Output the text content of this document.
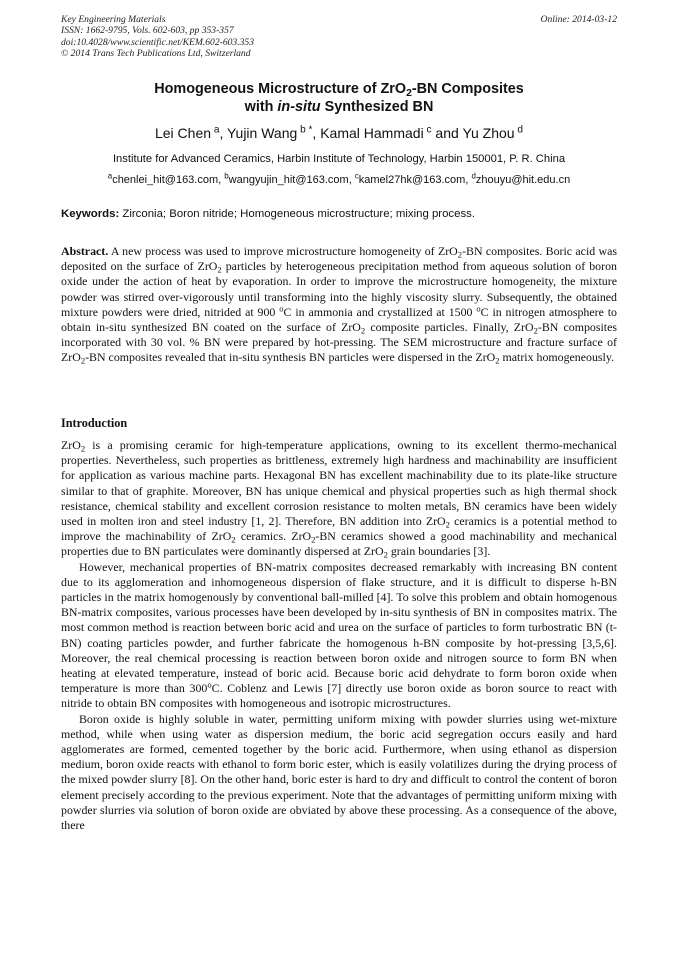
Key Engineering Materials
ISSN: 1662-9795, Vols. 602-603, pp 353-357
doi:10.4028/www.scientific.net/KEM.602-603.353
© 2014 Trans Tech Publications Ltd, Switzerland
Online: 2014-03-12
Homogeneous Microstructure of ZrO$_2$-BN Composites
with in-situ Synthesized BN
Lei Chen $^a$, Yujin Wang $^{b *}$, Kamal Hammadi $^c$ and Yu Zhou $^d$
Institute for Advanced Ceramics, Harbin Institute of Technology, Harbin 150001, P. R. China
$^a$chenlei_hit@163.com, $^b$wangyujin_hit@163.com, $^c$kamel27hk@163.com, $^d$zhouyu@hit.edu.cn
Keywords: Zirconia; Boron nitride; Homogeneous microstructure; mixing process.

Abstract. A new process was used to improve microstructure homogeneity of ZrO$_2$-BN composites. Boric acid was deposited on the surface of ZrO$_2$ particles by heterogeneous precipitation method from aqueous solution of boron oxide under the action of heat by evaporation. In order to improve the microstructure homogeneity, the mixture powder was stirred over-vigorously until transforming into the highly viscosity slurry. Subsequently, the obtained mixture powders were dried, nitrided at 900 $^o$C in ammonia and crystallized at 1500 $^o$C in nitrogen atmosphere to obtain in-situ synthesized BN coated on the surface of ZrO$_2$ composite particles. Finally, ZrO$_2$-BN composites incorporated with 30 vol. % BN were prepared by hot-pressing. The SEM microstructure and fracture surface of ZrO$_2$-BN composites revealed that in-situ synthesis BN particles were dispersed in the ZrO$_2$ matrix homogeneously.

Introduction

ZrO$_2$ is a promising ceramic for high-temperature applications, owning to its excellent thermo-mechanical properties. Nevertheless, such properties as brittleness, extremely high hardness and machinability are insufficient for application as various machine parts. Hexagonal BN has excellent machinability due to its plate-like structure similar to that of graphite. Moreover, BN has unique chemical and physical properties such as high thermal shock resistance, chemical stability and excellent corrosion resistance to molten metals, BN ceramics have been widely used in molten iron and steel industry [1, 2]. Therefore, BN addition into ZrO$_2$ ceramics is a potential method to improve the machinability of ZrO$_2$ ceramics. ZrO$_2$-BN ceramics showed a good machinability and mechanical properties due to BN particulates were dominantly dispersed at ZrO$_2$ grain boundaries [3].

However, mechanical properties of BN-matrix composites decreased remarkably with increasing BN content due to its agglomeration and inhomogeneous dispersion of flake structure, and it is difficult to disperse h-BN particles in the matrix homogenously by conventional ball-milled [4]. To solve this problem and obtain homogenous BN-matrix composites, various processes have been developed by in-situ synthesis of BN in composites matrix. The most common method is reaction between boric acid and urea on the surface of particles to form turbostratic BN (t-BN) coating particles powder, and further fabricate the homogenous h-BN composite by hot-pressing [3,5,6]. Moreover, the real chemical processing is reaction between boron oxide and nitrogen source to form BN when heating at elevated temperature, instead of boric acid. Because boric acid dehydrate to form boron oxide when temperature is more than 300$^o$C. Coblenz and Lewis [7] directly use boron oxide as boron source to react with nitride to obtain BN composites with homogeneous and isotropic microstructures.

Boron oxide is highly soluble in water, permitting uniform mixing with powder slurries using wet-mixture method, while when using water as dispersion medium, the boric acid segregation occurs easily and hard agglomerates are formed, cemented together by the boric acid. Furthermore, when using ethanol as dispersion medium, boron oxide reacts with ethanol to form boric ester, which is easily volatilizes during the drying process of the mixed powder slurry [8]. On the other hand, boric ester is hard to dry and difficult to control the content of boron element precisely according to the previous experiment. Note that the advantages of permitting uniform mixing with powder slurries via solution of boron oxide are obviated by above these processing. As a consequence of the above, there
